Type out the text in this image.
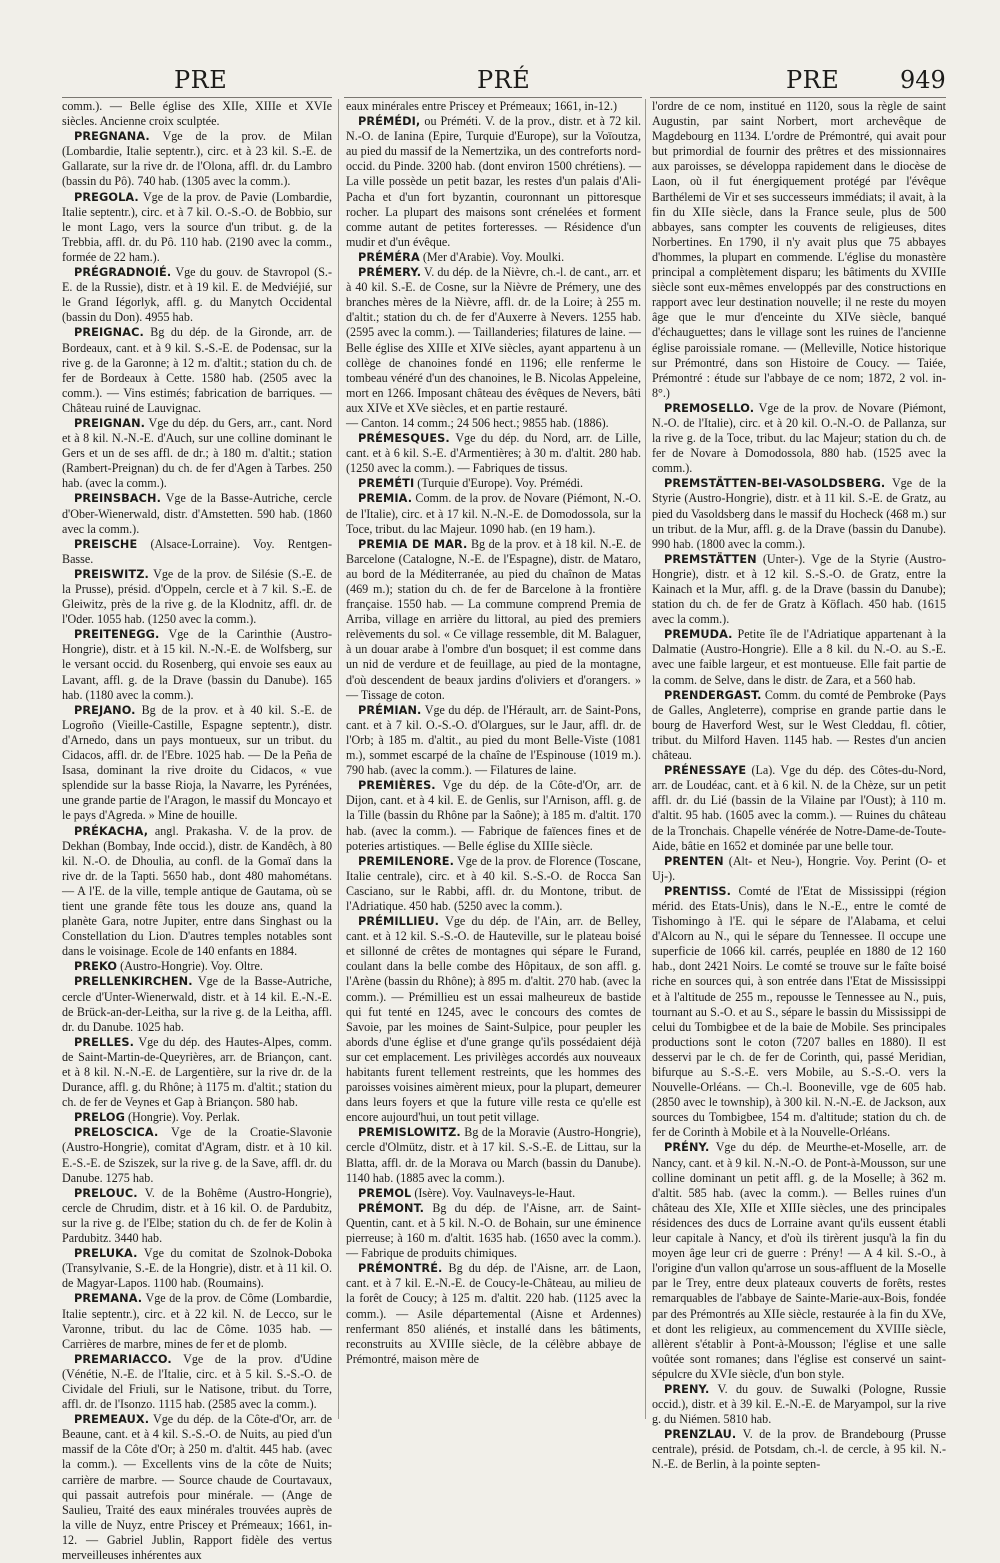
PRE	PRÉ	PRE	949

comm.). — Belle église des XIIe, XIIIe et XVIe siècles. Ancienne croix sculptée.

PREGNANA. Vge de la prov. de Milan (Lombardie, Italie septentr.), circ. et à 23 kil. S.-E. de Gallarate, sur la rive dr. de l'Olona, affl. dr. du Lambro (bassin du Pô). 740 hab. (1305 avec la comm.).

PREGOLA. Vge de la prov. de Pavie (Lombardie, Italie septentr.), circ. et à 7 kil. O.-S.-O. de Bobbio, sur le mont Lago, vers la source d'un tribut. g. de la Trebbia, affl. dr. du Pô. 110 hab. (2190 avec la comm., formée de 22 ham.).

PRÉGRADNOIÉ. Vge du gouv. de Stavropol (S.-E. de la Russie), distr. et à 19 kil. E. de Medviéjié, sur le Grand Iégorlyk, affl. g. du Manytch Occidental (bassin du Don). 4955 hab.

PREIGNAC. Bg du dép. de la Gironde, arr. de Bordeaux, cant. et à 9 kil. S.-S.-E. de Podensac, sur la rive g. de la Garonne; à 12 m. d'altit.; station du ch. de fer de Bordeaux à Cette. 1580 hab. (2505 avec la comm.). — Vins estimés; fabrication de barriques. — Château ruiné de Lauvignac.

PREIGNAN. Vge du dép. du Gers, arr., cant. Nord et à 8 kil. N.-N.-E. d'Auch, sur une colline dominant le Gers et un de ses affl. de dr.; à 180 m. d'altit.; station (Rambert-Preignan) du ch. de fer d'Agen à Tarbes. 250 hab. (avec la comm.).

PREINSBACH. Vge de la Basse-Autriche, cercle d'Ober-Wienerwald, distr. d'Amstetten. 590 hab. (1860 avec la comm.).

PREISCHE (Alsace-Lorraine). Voy. Rentgen-Basse.

PREISWITZ. Vge de la prov. de Silésie (S.-E. de la Prusse), présid. d'Oppeln, cercle et à 7 kil. S.-E. de Gleiwitz, près de la rive g. de la Klodnitz, affl. dr. de l'Oder. 1055 hab. (1250 avec la comm.).

PREITENEGG. Vge de la Carinthie (Austro-Hongrie), distr. et à 15 kil. N.-N.-E. de Wolfsberg, sur le versant occid. du Rosenberg, qui envoie ses eaux au Lavant, affl. g. de la Drave (bassin du Danube). 165 hab. (1180 avec la comm.).

PREJANO. Bg de la prov. et à 40 kil. S.-E. de Logroño (Vieille-Castille, Espagne septentr.), distr. d'Arnedo, dans un pays montueux, sur un tribut. du Cidacos, affl. dr. de l'Ebre. 1025 hab. — De la Peña de Isasa, dominant la rive droite du Cidacos, « vue splendide sur la basse Rioja, la Navarre, les Pyrénées, une grande partie de l'Aragon, le massif du Moncayo et le pays d'Agreda. » Mine de houille.

PRÉKACHA, angl. Prakasha. V. de la prov. de Dekhan (Bombay, Inde occid.), distr. de Kandêch, à 80 kil. N.-O. de Dhoulia, au confl. de la Gomaï dans la rive dr. de la Tapti. 5650 hab., dont 480 mahométans. — A l'E. de la ville, temple antique de Gautama, où se tient une grande fête tous les douze ans, quand la planète Gara, notre Jupiter, entre dans Singhast ou la Constellation du Lion. D'autres temples notables sont dans le voisinage. Ecole de 140 enfants en 1884.

PREKO (Austro-Hongrie). Voy. Oltre.

PRELLENKIRCHEN. Vge de la Basse-Autriche, cercle d'Unter-Wienerwald, distr. et à 14 kil. E.-N.-E. de Brück-an-der-Leitha, sur la rive g. de la Leitha, affl. dr. du Danube. 1025 hab.

PRELLES. Vge du dép. des Hautes-Alpes, comm. de Saint-Martin-de-Queyrières, arr. de Briançon, cant. et à 8 kil. N.-N.-E. de Largentière, sur la rive dr. de la Durance, affl. g. du Rhône; à 1175 m. d'altit.; station du ch. de fer de Veynes et Gap à Briançon. 580 hab.

PRELOG (Hongrie). Voy. Perlak.

PRELOSCICA. Vge de la Croatie-Slavonie (Austro-Hongrie), comitat d'Agram, distr. et à 10 kil. E.-S.-E. de Sziszek, sur la rive g. de la Save, affl. dr. du Danube. 1275 hab.

PRELOUC. V. de la Bohême (Austro-Hongrie), cercle de Chrudim, distr. et à 16 kil. O. de Pardubitz, sur la rive g. de l'Elbe; station du ch. de fer de Kolin à Pardubitz. 3440 hab.

PRELUKA. Vge du comitat de Szolnok-Doboka (Transylvanie, S.-E. de la Hongrie), distr. et à 11 kil. O. de Magyar-Lapos. 1100 hab. (Roumains).

PREMANA. Vge de la prov. de Côme (Lombardie, Italie septentr.), circ. et à 22 kil. N. de Lecco, sur le Varonne, tribut. du lac de Côme. 1035 hab. — Carrières de marbre, mines de fer et de plomb.

PREMARIACCO. Vge de la prov. d'Udine (Vénétie, N.-E. de l'Italie, circ. et à 5 kil. S.-S.-O. de Cividale del Friuli, sur le Natisone, tribut. du Torre, affl. dr. de l'Isonzo. 1115 hab. (2585 avec la comm.).

PREMEAUX. Vge du dép. de la Côte-d'Or, arr. de Beaune, cant. et à 4 kil. S.-S.-O. de Nuits, au pied d'un massif de la Côte d'Or; à 250 m. d'altit. 445 hab. (avec la comm.). — Excellents vins de la côte de Nuits; carrière de marbre. — Source chaude de Courtavaux, qui passait autrefois pour minérale. — (Ange de Saulieu, Traité des eaux minérales trouvées auprès de la ville de Nuyz, entre Priscey et Prémeaux; 1661, in-12. — Gabriel Jublin, Rapport fidèle des vertus merveilleuses inhérentes aux

eaux minérales entre Priscey et Prémeaux; 1661, in-12.)

PRÉMÉDI, ou Préméti. V. de la prov., distr. et à 72 kil. N.-O. de Ianina (Epire, Turquie d'Europe), sur la Voïoutza, au pied du massif de la Nemertzika, un des contreforts nord-occid. du Pinde. 3200 hab. (dont environ 1500 chrétiens). — La ville possède un petit bazar, les restes d'un palais d'Ali-Pacha et d'un fort byzantin, couronnant un pittoresque rocher. La plupart des maisons sont crénelées et forment comme autant de petites forteresses. — Résidence d'un mudir et d'un évêque.

PRÉMÉRA (Mer d'Arabie). Voy. Moulki.

PRÉMERY. V. du dép. de la Nièvre, ch.-l. de cant., arr. et à 40 kil. S.-E. de Cosne, sur la Nièvre de Prémery, une des branches mères de la Nièvre, affl. dr. de la Loire; à 255 m. d'altit.; station du ch. de fer d'Auxerre à Nevers. 1255 hab. (2595 avec la comm.). — Taillanderies; filatures de laine. — Belle église des XIIIe et XIVe siècles, ayant appartenu à un collège de chanoines fondé en 1196; elle renferme le tombeau vénéré d'un des chanoines, le B. Nicolas Appeleine, mort en 1266. Imposant château des évêques de Nevers, bâti aux XIVe et XVe siècles, et en partie restauré.

— Canton. 14 comm.; 24 506 hect.; 9855 hab. (1886).

PRÉMESQUES. Vge du dép. du Nord, arr. de Lille, cant. et à 6 kil. S.-E. d'Armentières; à 30 m. d'altit. 280 hab. (1250 avec la comm.). — Fabriques de tissus.

PREMÉTI (Turquie d'Europe). Voy. Prémédi.

PREMIA. Comm. de la prov. de Novare (Piémont, N.-O. de l'Italie), circ. et à 17 kil. N.-N.-E. de Domodossola, sur la Toce, tribut. du lac Majeur. 1090 hab. (en 19 ham.).

PREMIA DE MAR. Bg de la prov. et à 18 kil. N.-E. de Barcelone (Catalogne, N.-E. de l'Espagne), distr. de Mataro, au bord de la Méditerranée, au pied du chaînon de Matas (469 m.); station du ch. de fer de Barcelone à la frontière française. 1550 hab. — La commune comprend Premia de Arriba, village en arrière du littoral, au pied des premiers relèvements du sol. « Ce village ressemble, dit M. Balaguer, à un douar arabe à l'ombre d'un bosquet; il est comme dans un nid de verdure et de feuillage, au pied de la montagne, d'où descendent de beaux jardins d'oliviers et d'orangers. » — Tissage de coton.

PRÉMIAN. Vge du dép. de l'Hérault, arr. de Saint-Pons, cant. et à 7 kil. O.-S.-O. d'Olargues, sur le Jaur, affl. dr. de l'Orb; à 185 m. d'altit., au pied du mont Belle-Viste (1081 m.), sommet escarpé de la chaîne de l'Espinouse (1019 m.). 790 hab. (avec la comm.). — Filatures de laine.

PREMIÈRES. Vge du dép. de la Côte-d'Or, arr. de Dijon, cant. et à 4 kil. E. de Genlis, sur l'Arnison, affl. g. de la Tille (bassin du Rhône par la Saône); à 185 m. d'altit. 170 hab. (avec la comm.). — Fabrique de faïences fines et de poteries artistiques. — Belle église du XIIIe siècle.

PREMILENORE. Vge de la prov. de Florence (Toscane, Italie centrale), circ. et à 40 kil. S.-S.-O. de Rocca San Casciano, sur le Rabbi, affl. dr. du Montone, tribut. de l'Adriatique. 450 hab. (5250 avec la comm.).

PRÉMILLIEU. Vge du dép. de l'Ain, arr. de Belley, cant. et à 12 kil. S.-S.-O. de Hauteville, sur le plateau boisé et sillonné de crêtes de montagnes qui sépare le Furand, coulant dans la belle combe des Hôpitaux, de son affl. g. l'Arène (bassin du Rhône); à 895 m. d'altit. 270 hab. (avec la comm.). — Prémillieu est un essai malheureux de bastide qui fut tenté en 1245, avec le concours des comtes de Savoie, par les moines de Saint-Sulpice, pour peupler les abords d'une église et d'une grange qu'ils possédaient déjà sur cet emplacement. Les privilèges accordés aux nouveaux habitants furent tellement restreints, que les hommes des paroisses voisines aimèrent mieux, pour la plupart, demeurer dans leurs foyers et que la future ville resta ce qu'elle est encore aujourd'hui, un tout petit village.

PREMISLOWITZ. Bg de la Moravie (Austro-Hongrie), cercle d'Olmütz, distr. et à 17 kil. S.-S.-E. de Littau, sur la Blatta, affl. dr. de la Morava ou March (bassin du Danube). 1140 hab. (1885 avec la comm.).

PREMOL (Isère). Voy. Vaulnaveys-le-Haut.

PRÉMONT. Bg du dép. de l'Aisne, arr. de Saint-Quentin, cant. et à 5 kil. N.-O. de Bohain, sur une éminence pierreuse; à 160 m. d'altit. 1635 hab. (1650 avec la comm.). — Fabrique de produits chimiques.

PRÉMONTRÉ. Bg du dép. de l'Aisne, arr. de Laon, cant. et à 7 kil. E.-N.-E. de Coucy-le-Château, au milieu de la forêt de Coucy; à 125 m. d'altit. 220 hab. (1125 avec la comm.). — Asile départemental (Aisne et Ardennes) renfermant 850 aliénés, et installé dans les bâtiments, reconstruits au XVIIIe siècle, de la célèbre abbaye de Prémontré, maison mère de

l'ordre de ce nom, institué en 1120, sous la règle de saint Augustin, par saint Norbert, mort archevêque de Magdebourg en 1134. L'ordre de Prémontré, qui avait pour but primordial de fournir des prêtres et des missionnaires aux paroisses, se développa rapidement dans le diocèse de Laon, où il fut énergiquement protégé par l'évêque Barthélemi de Vir et ses successeurs immédiats; il avait, à la fin du XIIe siècle, dans la France seule, plus de 500 abbayes, sans compter les couvents de religieuses, dites Norbertines. En 1790, il n'y avait plus que 75 abbayes d'hommes, la plupart en commende. L'église du monastère principal a complètement disparu; les bâtiments du XVIIIe siècle sont eux-mêmes enveloppés par des constructions en rapport avec leur destination nouvelle; il ne reste du moyen âge que le mur d'enceinte du XIVe siècle, banqué d'échauguettes; dans le village sont les ruines de l'ancienne église paroissiale romane. — (Melleville, Notice historique sur Prémontré, dans son Histoire de Coucy. — Taiée, Prémontré : étude sur l'abbaye de ce nom; 1872, 2 vol. in-8°.)

PREMOSELLO. Vge de la prov. de Novare (Piémont, N.-O. de l'Italie), circ. et à 20 kil. O.-N.-O. de Pallanza, sur la rive g. de la Toce, tribut. du lac Majeur; station du ch. de fer de Novare à Domodossola, 880 hab. (1525 avec la comm.).

PREMSTÄTTEN-BEI-VASOLDSBERG. Vge de la Styrie (Austro-Hongrie), distr. et à 11 kil. S.-E. de Gratz, au pied du Vasoldsberg dans le massif du Hocheck (468 m.) sur un tribut. de la Mur, affl. g. de la Drave (bassin du Danube). 990 hab. (1800 avec la comm.).

PREMSTÄTTEN (Unter-). Vge de la Styrie (Austro-Hongrie), distr. et à 12 kil. S.-S.-O. de Gratz, entre la Kainach et la Mur, affl. g. de la Drave (bassin du Danube); station du ch. de fer de Gratz à Köflach. 450 hab. (1615 avec la comm.).

PREMUDA. Petite île de l'Adriatique appartenant à la Dalmatie (Austro-Hongrie). Elle a 8 kil. du N.-O. au S.-E. avec une faible largeur, et est montueuse. Elle fait partie de la comm. de Selve, dans le distr. de Zara, et a 560 hab.

PRENDERGAST. Comm. du comté de Pembroke (Pays de Galles, Angleterre), comprise en grande partie dans le bourg de Haverford West, sur le West Cleddau, fl. côtier, tribut. du Milford Haven. 1145 hab. — Restes d'un ancien château.

PRÉNESSAYE (La). Vge du dép. des Côtes-du-Nord, arr. de Loudéac, cant. et à 6 kil. N. de la Chèze, sur un petit affl. dr. du Lié (bassin de la Vilaine par l'Oust); à 110 m. d'altit. 95 hab. (1605 avec la comm.). — Ruines du château de la Tronchais. Chapelle vénérée de Notre-Dame-de-Toute-Aide, bâtie en 1652 et dominée par une belle tour.

PRENTEN (Alt- et Neu-), Hongrie. Voy. Perint (O- et Uj-).

PRENTISS. Comté de l'Etat de Mississippi (région mérid. des Etats-Unis), dans le N.-E., entre le comté de Tishomingo à l'E. qui le sépare de l'Alabama, et celui d'Alcorn au N., qui le sépare du Tennessee. Il occupe une superficie de 1066 kil. carrés, peuplée en 1880 de 12 160 hab., dont 2421 Noirs. Le comté se trouve sur le faîte boisé riche en sources qui, à son entrée dans l'Etat de Mississippi et à l'altitude de 255 m., repousse le Tennessee au N., puis, tournant au S.-O. et au S., sépare le bassin du Mississippi de celui du Tombigbee et de la baie de Mobile. Ses principales productions sont le coton (7207 balles en 1880). Il est desservi par le ch. de fer de Corinth, qui, passé Meridian, bifurque au S.-S.-E. vers Mobile, au S.-S.-O. vers la Nouvelle-Orléans. — Ch.-l. Booneville, vge de 605 hab. (2850 avec le township), à 300 kil. N.-N.-E. de Jackson, aux sources du Tombigbee, 154 m. d'altitude; station du ch. de fer de Corinth à Mobile et à la Nouvelle-Orléans.

PRÉNY. Vge du dép. de Meurthe-et-Moselle, arr. de Nancy, cant. et à 9 kil. N.-N.-O. de Pont-à-Mousson, sur une colline dominant un petit affl. g. de la Moselle; à 362 m. d'altit. 585 hab. (avec la comm.). — Belles ruines d'un château des XIe, XIIe et XIIIe siècles, une des principales résidences des ducs de Lorraine avant qu'ils eussent établi leur capitale à Nancy, et d'où ils tirèrent jusqu'à la fin du moyen âge leur cri de guerre : Prény! — A 4 kil. S.-O., à l'origine d'un vallon qu'arrose un sous-affluent de la Moselle par le Trey, entre deux plateaux couverts de forêts, restes remarquables de l'abbaye de Sainte-Marie-aux-Bois, fondée par des Prémontrés au XIIe siècle, restaurée à la fin du XVe, et dont les religieux, au commencement du XVIIIe siècle, allèrent s'établir à Pont-à-Mousson; l'église et une salle voûtée sont romanes; dans l'église est conservé un saint-sépulcre du XVIe siècle, d'un bon style.

PRENY. V. du gouv. de Suwalki (Pologne, Russie occid.), distr. et à 39 kil. E.-N.-E. de Maryampol, sur la rive g. du Niémen. 5810 hab.

PRENZLAU. V. de la prov. de Brandebourg (Prusse centrale), présid. de Potsdam, ch.-l. de cercle, à 95 kil. N.-N.-E. de Berlin, à la pointe septen-
